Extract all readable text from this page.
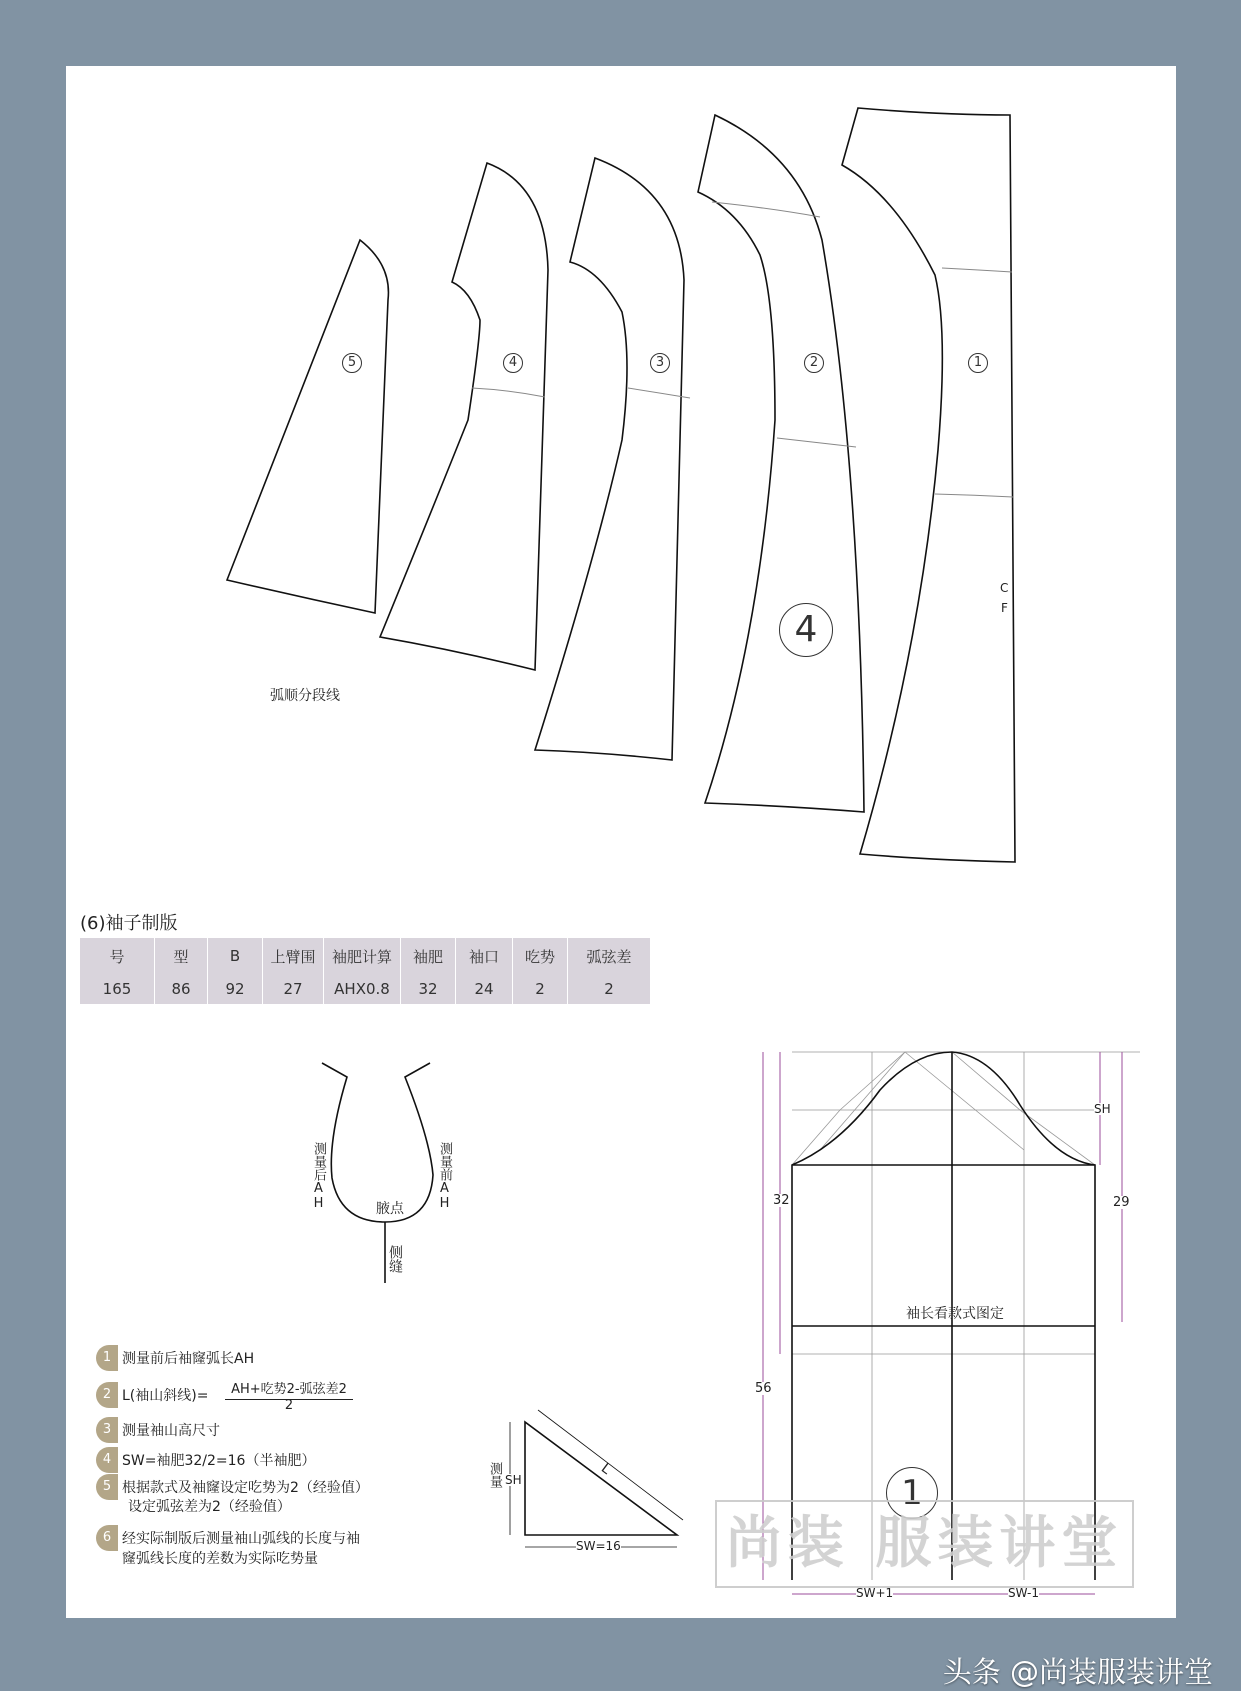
5	4	3	2	1
4
C
F
弧顺分段线
(6)袖子制版
号	型	B	上臂围	袖肥计算	袖肥	袖口	吃势	弧弦差
165	86	92	27	AHX0.8	32	24	2	2
测量后AH	测量前AH
腋点
侧缝
1 测量前后袖窿弧长AH
2 L(袖山斜线)=	AH+吃势2-弧弦差2
2
3 测量袖山高尺寸
4 SW=袖肥32/2=16（半袖肥）
5 根据款式及袖窿设定吃势为2（经验值）
设定弧弦差为2（经验值）
6 经实际制版后测量袖山弧线的长度与袖
窿弧线长度的差数为实际吃势量
测量 SH
L
SW=16
SH
32	29
56
袖长看款式图定
1
SW+1	SW-1
尚装 服装讲堂
头条 @尚装服装讲堂
